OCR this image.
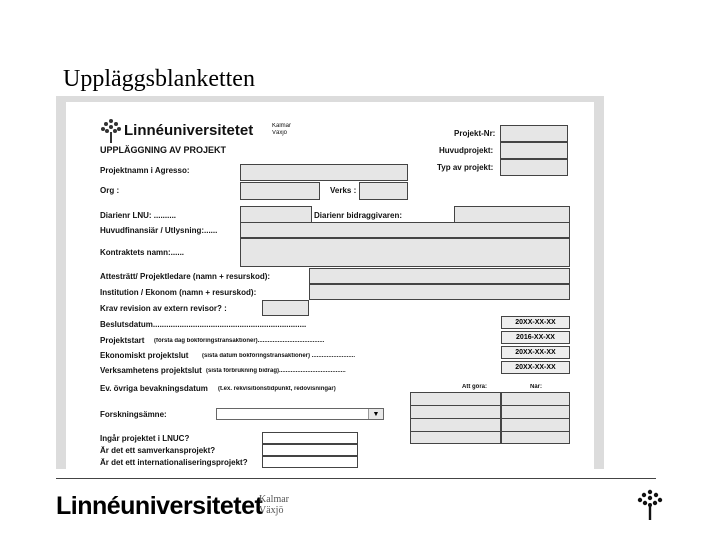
Uppläggsblanketten
Linnéuniversitetet	Kalmar
Växjö
UPPLÄGGNING AV PROJEKT
Projekt-Nr:
Huvudprojekt:
Typ av projekt:
Projektnamn i Agresso:
Org :	Verks :
Diarienr LNU: ..........	Diarienr bidraggivaren:
Huvudfinansiär / Utlysning:......
Kontraktets namn:......
Attesträtt/ Projektledare (namn + resurskod):
Institution / Ekonom (namn + resurskod):
Krav revision av extern revisor? :
Beslutsdatum.....................................................................	20XX-XX-XX
Projektstart (första dag bokföringstransaktioner)........................................	2016-XX-XX
Ekonomiskt projektslut (sista datum bokföringstransaktioner) ..........................	20XX-XX-XX
Verksamhetens projektslut (sista förbrukning bidrag)........................................	20XX-XX-XX
Ev. övriga bevakningsdatum (t.ex. rekvisitionstidpunkt, redovisningar)	Att göra:	När:
Forskningsämne:	▼
Ingår projektet i LNUC?
Är det ett samverkansprojekt?
Är det ett internationaliseringsprojekt?
Linnéuniversitetet
Kalmar
Växjö
